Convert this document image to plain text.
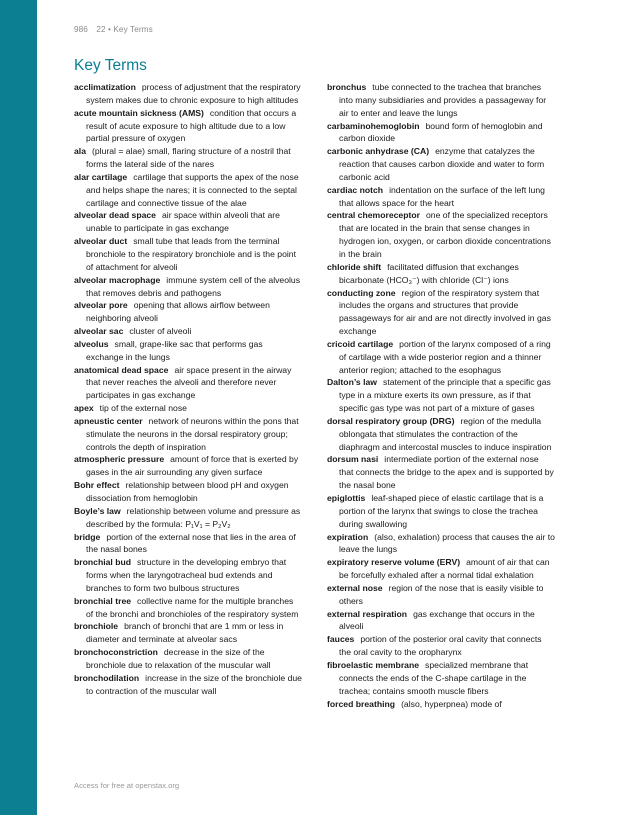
986 22 • Key Terms
Key Terms

acclimatization process of adjustment that the respiratory system makes due to chronic exposure to high altitudes

acute mountain sickness (AMS) condition that occurs a result of acute exposure to high altitude due to a low partial pressure of oxygen

ala (plural = alae) small, flaring structure of a nostril that forms the lateral side of the nares

alar cartilage cartilage that supports the apex of the nose and helps shape the nares; it is connected to the septal cartilage and connective tissue of the alae

alveolar dead space air space within alveoli that are unable to participate in gas exchange

alveolar duct small tube that leads from the terminal bronchiole to the respiratory bronchiole and is the point of attachment for alveoli

alveolar macrophage immune system cell of the alveolus that removes debris and pathogens

alveolar pore opening that allows airflow between neighboring alveoli

alveolar sac cluster of alveoli

alveolus small, grape-like sac that performs gas exchange in the lungs

anatomical dead space air space present in the airway that never reaches the alveoli and therefore never participates in gas exchange

apex tip of the external nose

apneustic center network of neurons within the pons that stimulate the neurons in the dorsal respiratory group; controls the depth of inspiration

atmospheric pressure amount of force that is exerted by gases in the air surrounding any given surface

Bohr effect relationship between blood pH and oxygen dissociation from hemoglobin

Boyle’s law relationship between volume and pressure as described by the formula: P₁V₁ = P₂V₂

bridge portion of the external nose that lies in the area of the nasal bones

bronchial bud structure in the developing embryo that forms when the laryngotracheal bud extends and branches to form two bulbous structures

bronchial tree collective name for the multiple branches of the bronchi and bronchioles of the respiratory system

bronchiole branch of bronchi that are 1 mm or less in diameter and terminate at alveolar sacs

bronchoconstriction decrease in the size of the bronchiole due to relaxation of the muscular wall

bronchodilation increase in the size of the bronchiole due to contraction of the muscular wall

bronchus tube connected to the trachea that branches into many subsidiaries and provides a passageway for air to enter and leave the lungs

carbaminohemoglobin bound form of hemoglobin and carbon dioxide

carbonic anhydrase (CA) enzyme that catalyzes the reaction that causes carbon dioxide and water to form carbonic acid

cardiac notch indentation on the surface of the left lung that allows space for the heart

central chemoreceptor one of the specialized receptors that are located in the brain that sense changes in hydrogen ion, oxygen, or carbon dioxide concentrations in the brain

chloride shift facilitated diffusion that exchanges bicarbonate (HCO₃⁻) with chloride (Cl⁻) ions

conducting zone region of the respiratory system that includes the organs and structures that provide passageways for air and are not directly involved in gas exchange

cricoid cartilage portion of the larynx composed of a ring of cartilage with a wide posterior region and a thinner anterior region; attached to the esophagus

Dalton’s law statement of the principle that a specific gas type in a mixture exerts its own pressure, as if that specific gas type was not part of a mixture of gases

dorsal respiratory group (DRG) region of the medulla oblongata that stimulates the contraction of the diaphragm and intercostal muscles to induce inspiration

dorsum nasi intermediate portion of the external nose that connects the bridge to the apex and is supported by the nasal bone

epiglottis leaf-shaped piece of elastic cartilage that is a portion of the larynx that swings to close the trachea during swallowing

expiration (also, exhalation) process that causes the air to leave the lungs

expiratory reserve volume (ERV) amount of air that can be forcefully exhaled after a normal tidal exhalation

external nose region of the nose that is easily visible to others

external respiration gas exchange that occurs in the alveoli

fauces portion of the posterior oral cavity that connects the oral cavity to the oropharynx

fibroelastic membrane specialized membrane that connects the ends of the C-shape cartilage in the trachea; contains smooth muscle fibers

forced breathing (also, hyperpnea) mode of

Access for free at openstax.org
